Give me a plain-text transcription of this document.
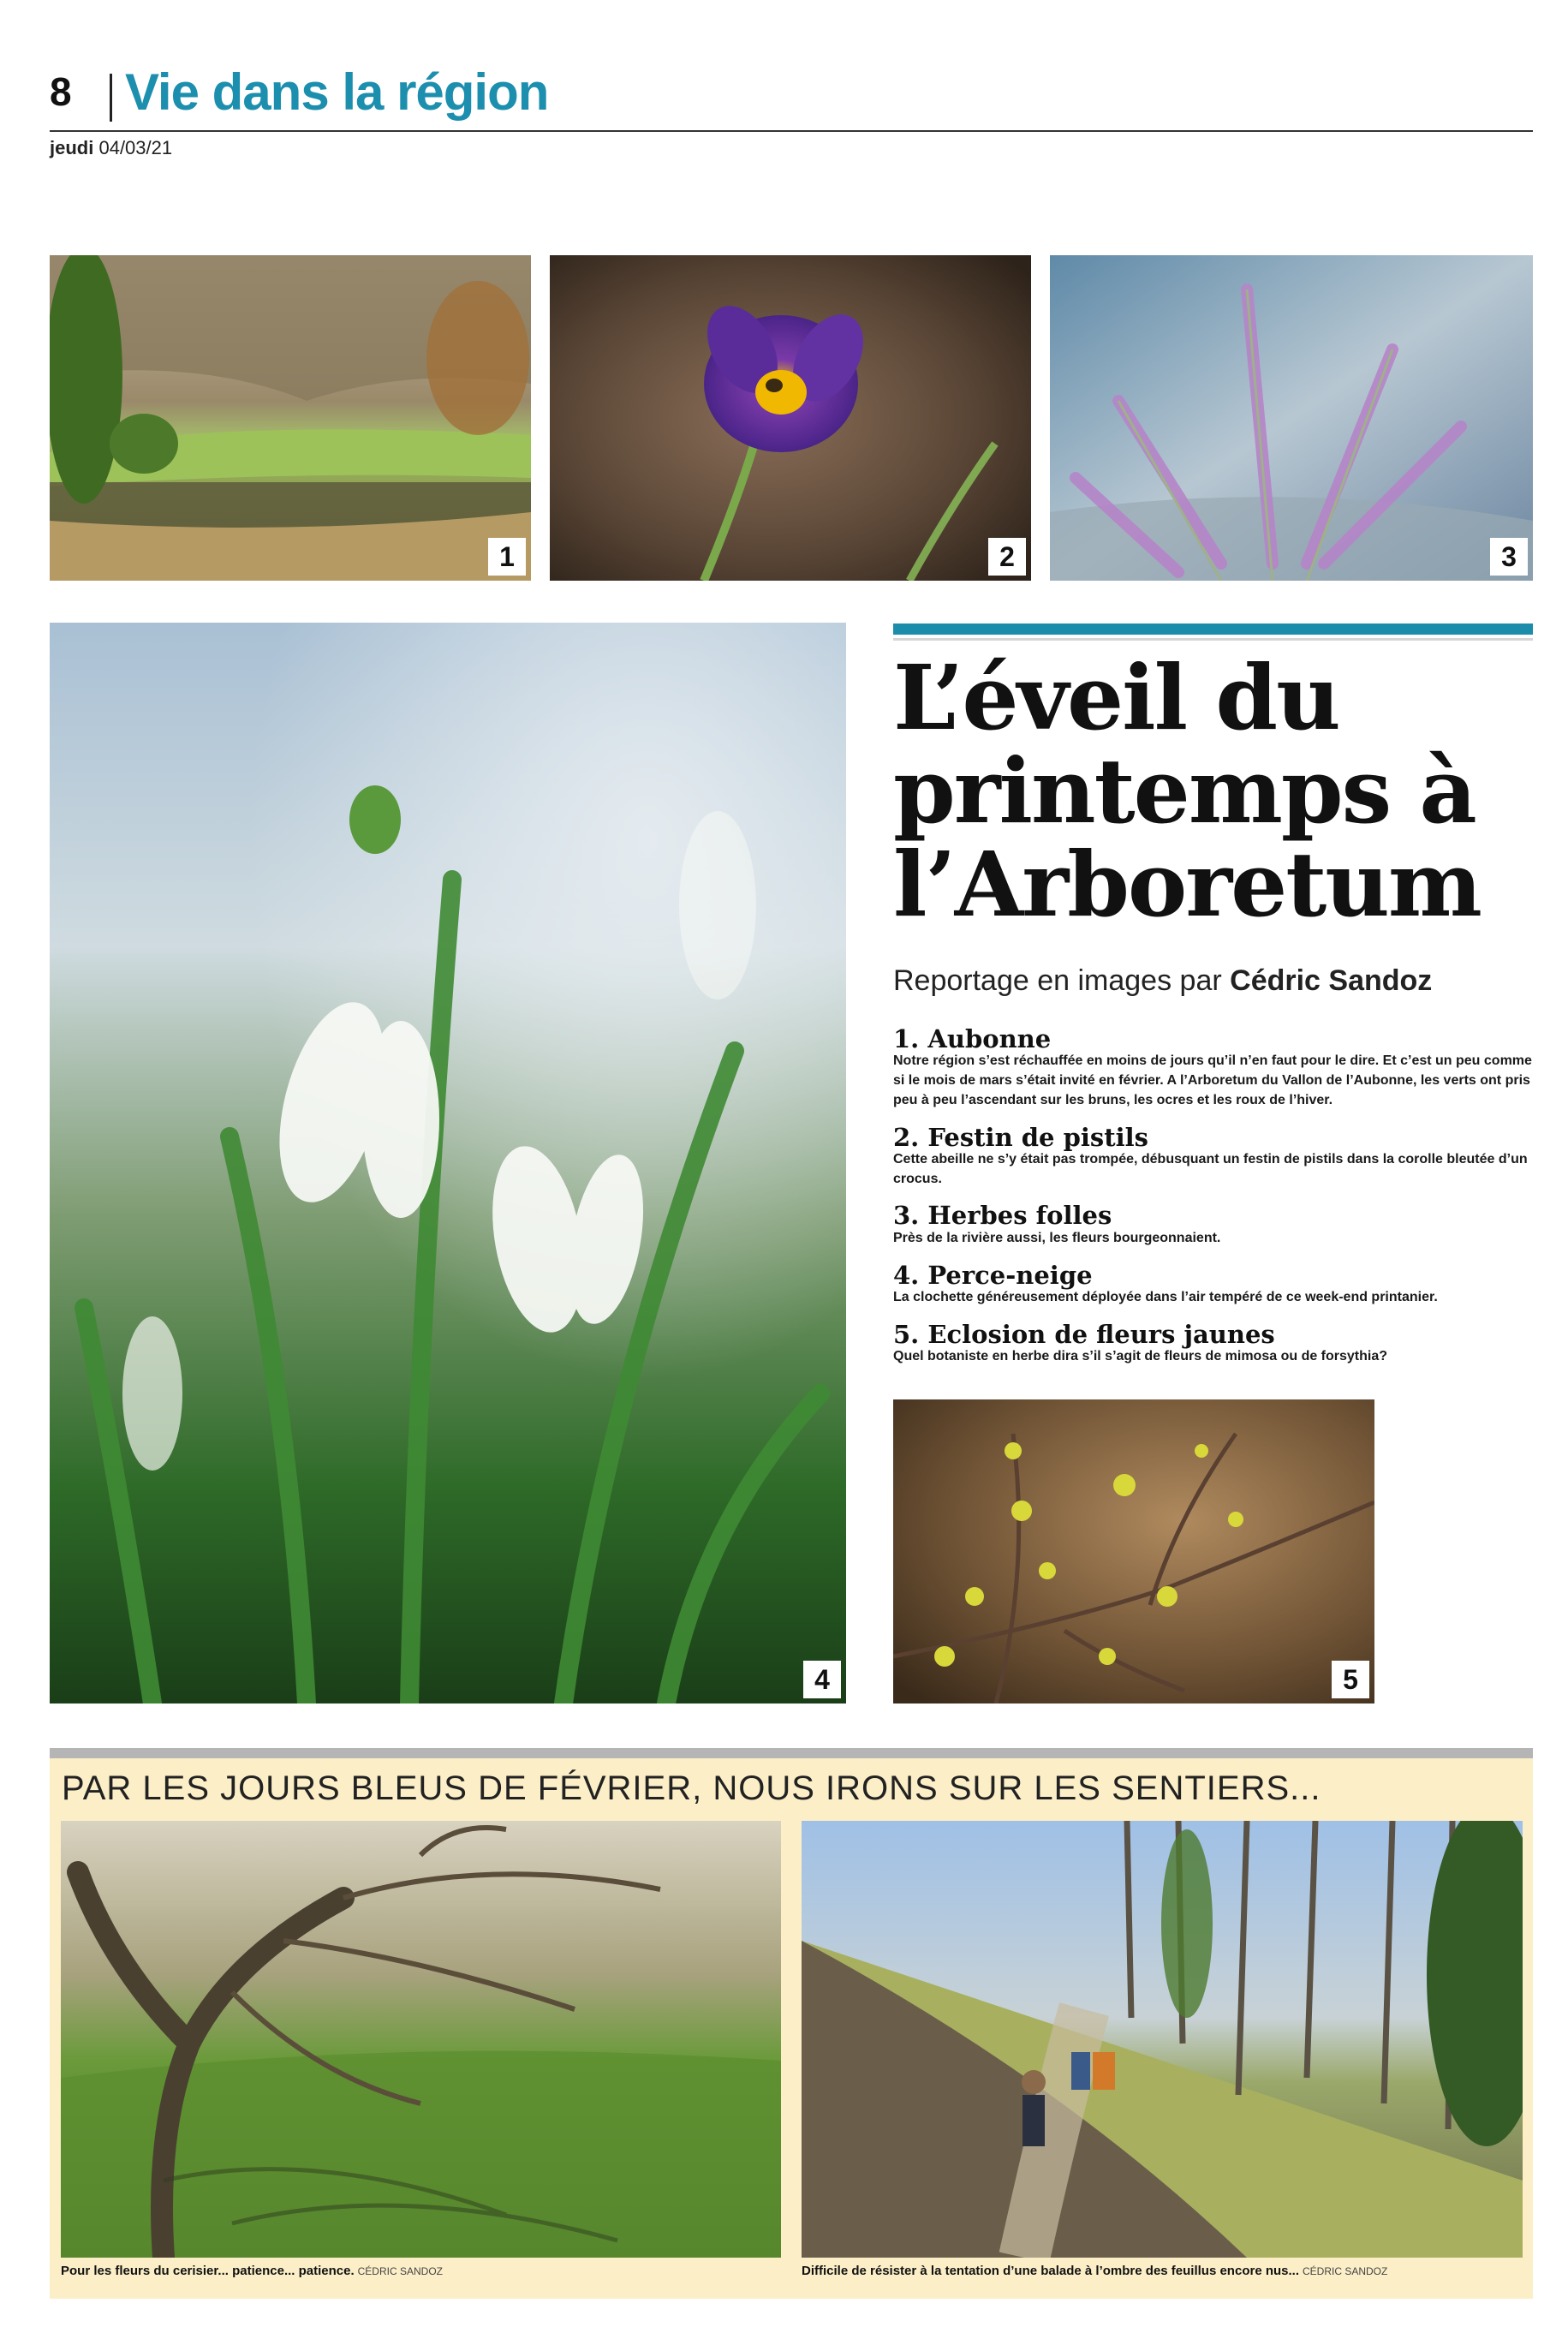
8 Vie dans la région
jeudi 04/03/21
1	2	3
4
L’éveil du
printemps à
l’Arboretum
Reportage en images par Cédric Sandoz
1. Aubonne
Notre région s’est réchauffée en moins de jours qu’il n’en faut pour le dire. Et c’est un peu comme si le mois de mars s’était invité en février. A l’Arboretum du Vallon de l’Aubonne, les verts ont pris peu à peu l’ascendant sur les bruns, les ocres et les roux de l’hiver.
2. Festin de pistils
Cette abeille ne s’y était pas trompée, débusquant un festin de pistils dans la corolle bleutée d’un crocus.
3. Herbes folles
Près de la rivière aussi, les fleurs bourgeonnaient.
4. Perce-neige
La clochette généreusement déployée dans l’air tempéré de ce week-end printanier.
5. Eclosion de fleurs jaunes
Quel botaniste en herbe dira s’il s’agit de fleurs de mimosa ou de forsythia?
5
PAR LES JOURS BLEUS DE FÉVRIER, NOUS IRONS SUR LES SENTIERS...
Pour les fleurs du cerisier... patience... patience. CÉDRIC SANDOZ	Difficile de résister à la tentation d’une balade à l’ombre des feuillus encore nus... CÉDRIC SANDOZ
